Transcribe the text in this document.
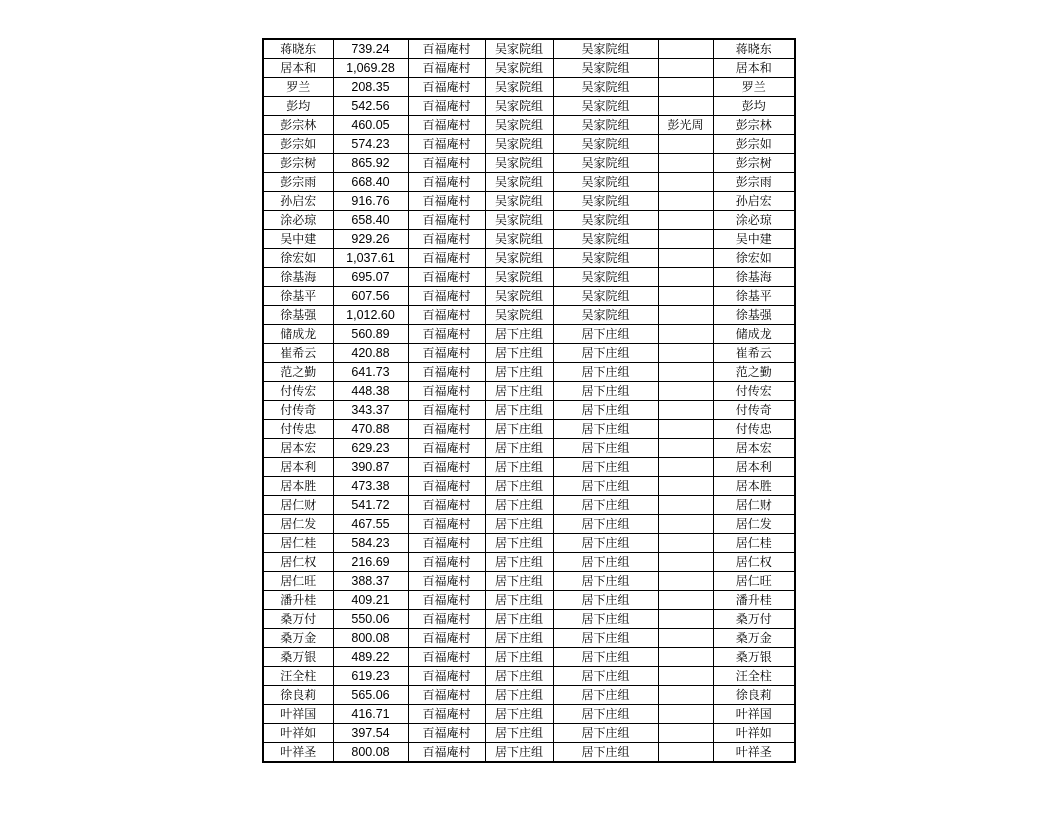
蒋晓东	739.24	百福庵村	吴家院组	吴家院组		蒋晓东
居本和	1,069.28	百福庵村	吴家院组	吴家院组		居本和
罗兰	208.35	百福庵村	吴家院组	吴家院组		罗兰
彭均	542.56	百福庵村	吴家院组	吴家院组		彭均
彭宗林	460.05	百福庵村	吴家院组	吴家院组	彭光周	彭宗林
彭宗如	574.23	百福庵村	吴家院组	吴家院组		彭宗如
彭宗树	865.92	百福庵村	吴家院组	吴家院组		彭宗树
彭宗雨	668.40	百福庵村	吴家院组	吴家院组		彭宗雨
孙启宏	916.76	百福庵村	吴家院组	吴家院组		孙启宏
涂必琼	658.40	百福庵村	吴家院组	吴家院组		涂必琼
吴中建	929.26	百福庵村	吴家院组	吴家院组		吴中建
徐宏如	1,037.61	百福庵村	吴家院组	吴家院组		徐宏如
徐基海	695.07	百福庵村	吴家院组	吴家院组		徐基海
徐基平	607.56	百福庵村	吴家院组	吴家院组		徐基平
徐基强	1,012.60	百福庵村	吴家院组	吴家院组		徐基强
储成龙	560.89	百福庵村	居下庄组	居下庄组		储成龙
崔希云	420.88	百福庵村	居下庄组	居下庄组		崔希云
范之勤	641.73	百福庵村	居下庄组	居下庄组		范之勤
付传宏	448.38	百福庵村	居下庄组	居下庄组		付传宏
付传奇	343.37	百福庵村	居下庄组	居下庄组		付传奇
付传忠	470.88	百福庵村	居下庄组	居下庄组		付传忠
居本宏	629.23	百福庵村	居下庄组	居下庄组		居本宏
居本利	390.87	百福庵村	居下庄组	居下庄组		居本利
居本胜	473.38	百福庵村	居下庄组	居下庄组		居本胜
居仁财	541.72	百福庵村	居下庄组	居下庄组		居仁财
居仁发	467.55	百福庵村	居下庄组	居下庄组		居仁发
居仁桂	584.23	百福庵村	居下庄组	居下庄组		居仁桂
居仁权	216.69	百福庵村	居下庄组	居下庄组		居仁权
居仁旺	388.37	百福庵村	居下庄组	居下庄组		居仁旺
潘升桂	409.21	百福庵村	居下庄组	居下庄组		潘升桂
桑万付	550.06	百福庵村	居下庄组	居下庄组		桑万付
桑万金	800.08	百福庵村	居下庄组	居下庄组		桑万金
桑万银	489.22	百福庵村	居下庄组	居下庄组		桑万银
汪全柱	619.23	百福庵村	居下庄组	居下庄组		汪全柱
徐良莉	565.06	百福庵村	居下庄组	居下庄组		徐良莉
叶祥国	416.71	百福庵村	居下庄组	居下庄组		叶祥国
叶祥如	397.54	百福庵村	居下庄组	居下庄组		叶祥如
叶祥圣	800.08	百福庵村	居下庄组	居下庄组		叶祥圣
